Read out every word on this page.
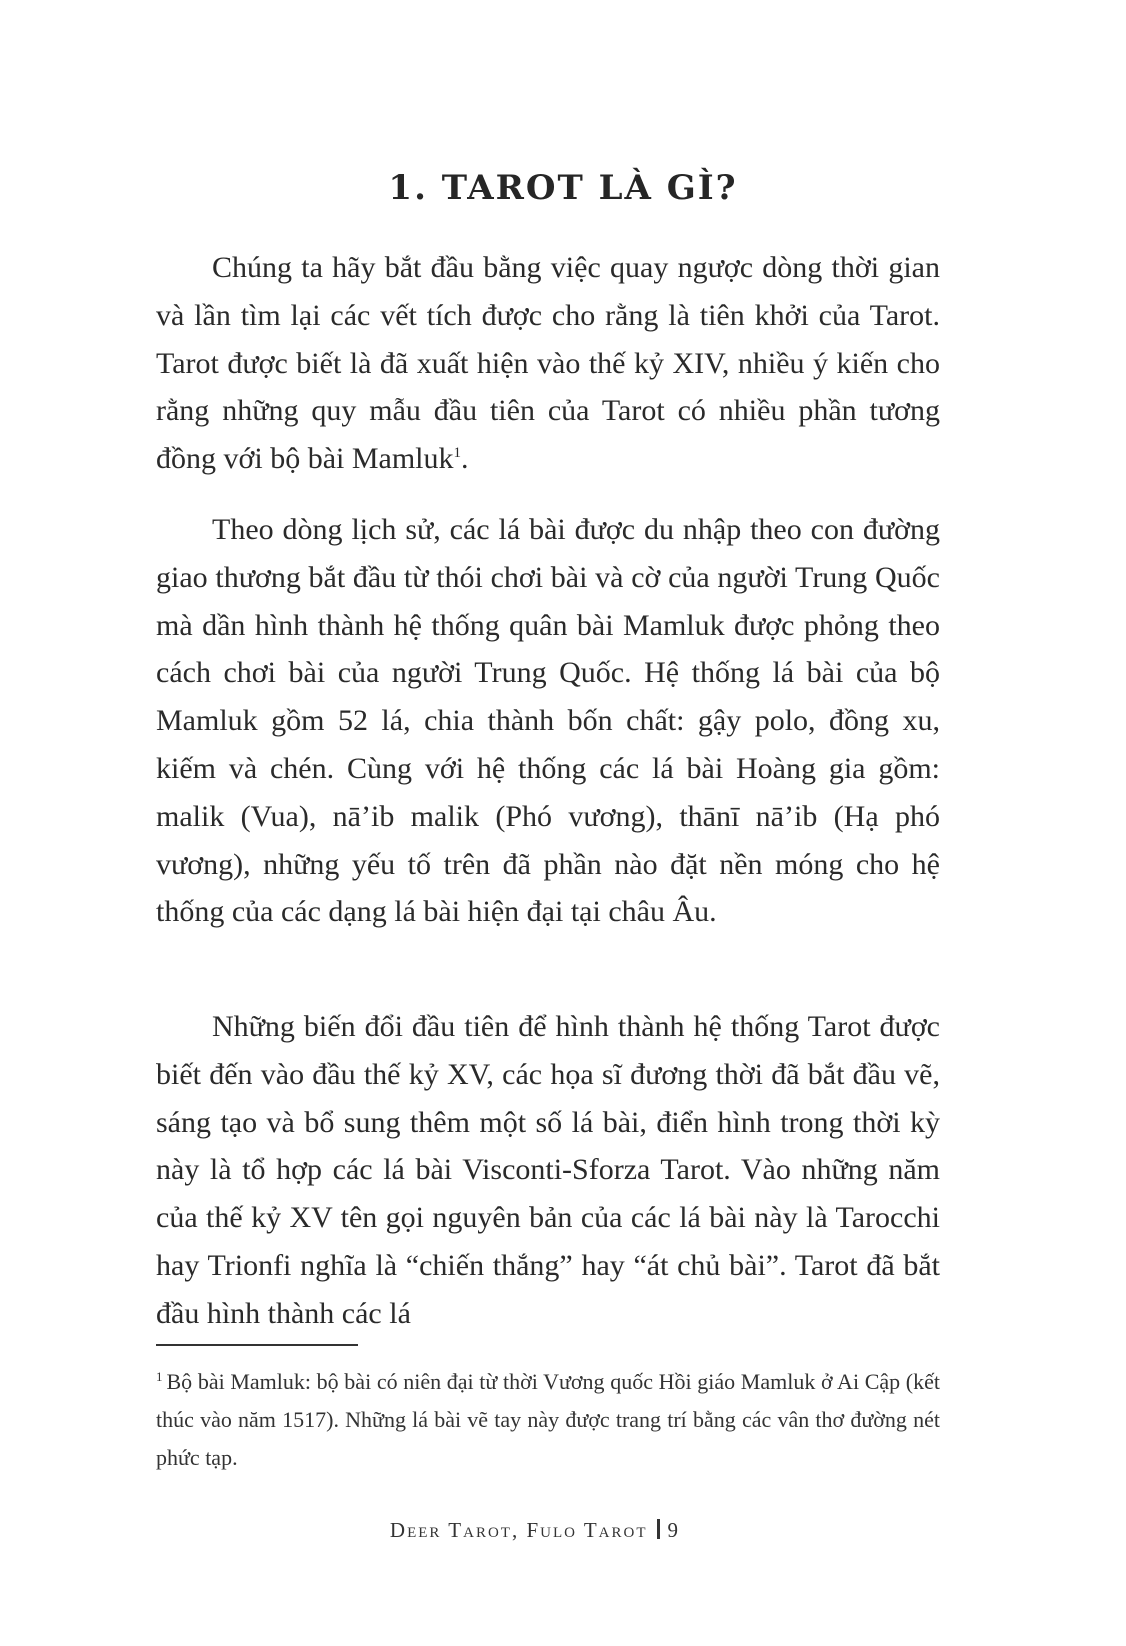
1. TAROT LÀ GÌ?

Chúng ta hãy bắt đầu bằng việc quay ngược dòng thời gian và lần tìm lại các vết tích được cho rằng là tiên khởi của Tarot. Tarot được biết là đã xuất hiện vào thế kỷ XIV, nhiều ý kiến cho rằng những quy mẫu đầu tiên của Tarot có nhiều phần tương đồng với bộ bài Mamluk$^1$.

Theo dòng lịch sử, các lá bài được du nhập theo con đường giao thương bắt đầu từ thói chơi bài và cờ của người Trung Quốc mà dần hình thành hệ thống quân bài Mamluk được phỏng theo cách chơi bài của người Trung Quốc. Hệ thống lá bài của bộ Mamluk gồm 52 lá, chia thành bốn chất: gậy polo, đồng xu, kiếm và chén. Cùng với hệ thống các lá bài Hoàng gia gồm: malik (Vua), nā’ib malik (Phó vương), thānī nā’ib (Hạ phó vương), những yếu tố trên đã phần nào đặt nền móng cho hệ thống của các dạng lá bài hiện đại tại châu Âu.

Những biến đổi đầu tiên để hình thành hệ thống Tarot được biết đến vào đầu thế kỷ XV, các họa sĩ đương thời đã bắt đầu vẽ, sáng tạo và bổ sung thêm một số lá bài, điển hình trong thời kỳ này là tổ hợp các lá bài Visconti-Sforza Tarot. Vào những năm của thế kỷ XV tên gọi nguyên bản của các lá bài này là Tarocchi hay Trionfi nghĩa là “chiến thắng” hay “át chủ bài”. Tarot đã bắt đầu hình thành các lá

$^1$ Bộ bài Mamluk: bộ bài có niên đại từ thời Vương quốc Hồi giáo Mamluk ở Ai Cập (kết thúc vào năm 1517). Những lá bài vẽ tay này được trang trí bằng các vân thơ đường nét phức tạp.
Deer Tarot, Fulo Tarot 9
